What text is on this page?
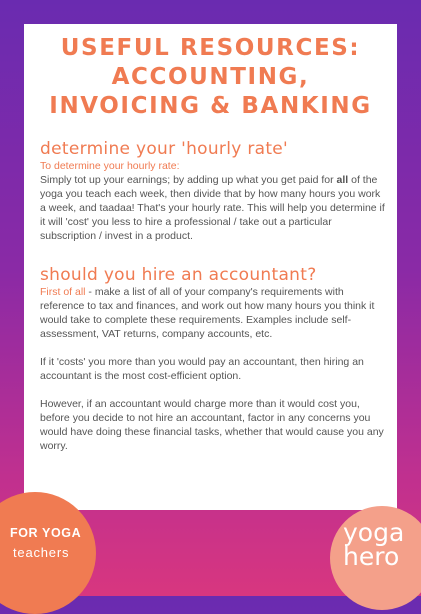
USEFUL RESOURCES:
ACCOUNTING,
INVOICING & BANKING
determine your 'hourly rate'
To determine your hourly rate:

Simply tot up your earnings; by adding up what you get paid for all of the yoga you teach each week, then divide that by how many hours you work a week, and taadaa! That's your hourly rate. This will help you determine if it will 'cost' you less to hire a professional / take out a particular subscription / invest in a product.

should you hire an accountant?

First of all - make a list of all of your company's requirements with reference to tax and finances, and work out how many hours you think it would take to complete these requirements. Examples include self-assessment, VAT returns, company accounts, etc.

If it 'costs' you more than you would pay an accountant, then hiring an accountant is the most cost-efficient option.

However, if an accountant would charge more than it would cost you, before you decide to not hire an accountant, factor in any concerns you would have doing these financial tasks, whether that would cause you any worry.

FOR YOGA
teachers
yoga
hero
